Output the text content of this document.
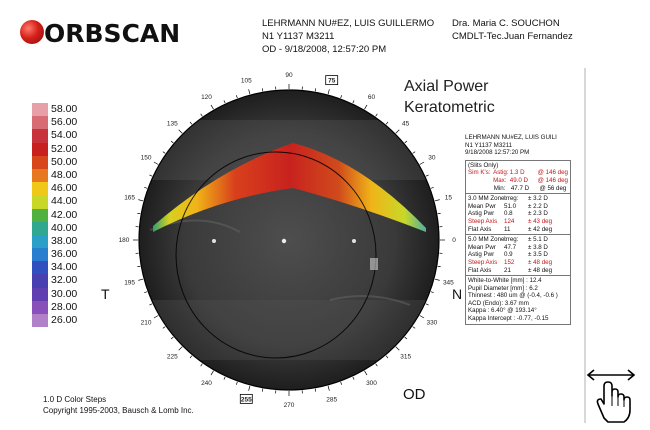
ORBSCAN	LEHRMANN NU#EZ, LUIS GUILLERMO Dra. Maria C. SOUCHON
N1 Y1137 M3211	CMDLT-Tec.Juan Fernandez
OD - 9/18/2008, 12:57:20 PM
Axial Power
Keratometric
58.00
56.00
54.00
52.00
50.00
48.00
46.00
44.00
42.00
40.00
38.00
36.00
34.00
32.00
30.00
28.00
26.00
90
75
60
45
30
15
0
345
330
315
300
285
270
255
240
225
210
195
180
165
150
135
120
105
T	N
OD
LEHRMANN NU#EZ, LUIS GUILI
N1 Y1137 M3211
9/18/2008 12:57:20 PM
(Slits Only)
Sim K's: Astig: 1.3 D	@ 146 deg
Max: 49.0 D	@ 146 deg
Min: 47.7 D	@ 56 deg
3.0 MM Zone:
Irreg:	± 3.2 D
Mean Pwr	51.0	± 2.2 D
Astig Pwr	0.8	± 2.3 D
Steep Axis	124	± 43 deg
Flat Axis	11	± 42 deg
5.0 MM Zone:
Irreg:	± 5.1 D
Mean Pwr	47.7	± 3.8 D
Astig Pwr	0.9	± 3.5 D
Steep Axis	152	± 48 deg
Flat Axis	21	± 48 deg
White-to-White [mm] : 12.4
Pupil Diameter [mm] : 6.2
Thinnest : 480 um @ (-0.4, -0.6 )
ACD (Endo): 3.67 mm
Kappa : 6.40° @ 193.14°
Kappa Intercept : -0.77, -0.15
1.0 D Color Steps
Copyright 1995-2003, Bausch & Lomb Inc.
